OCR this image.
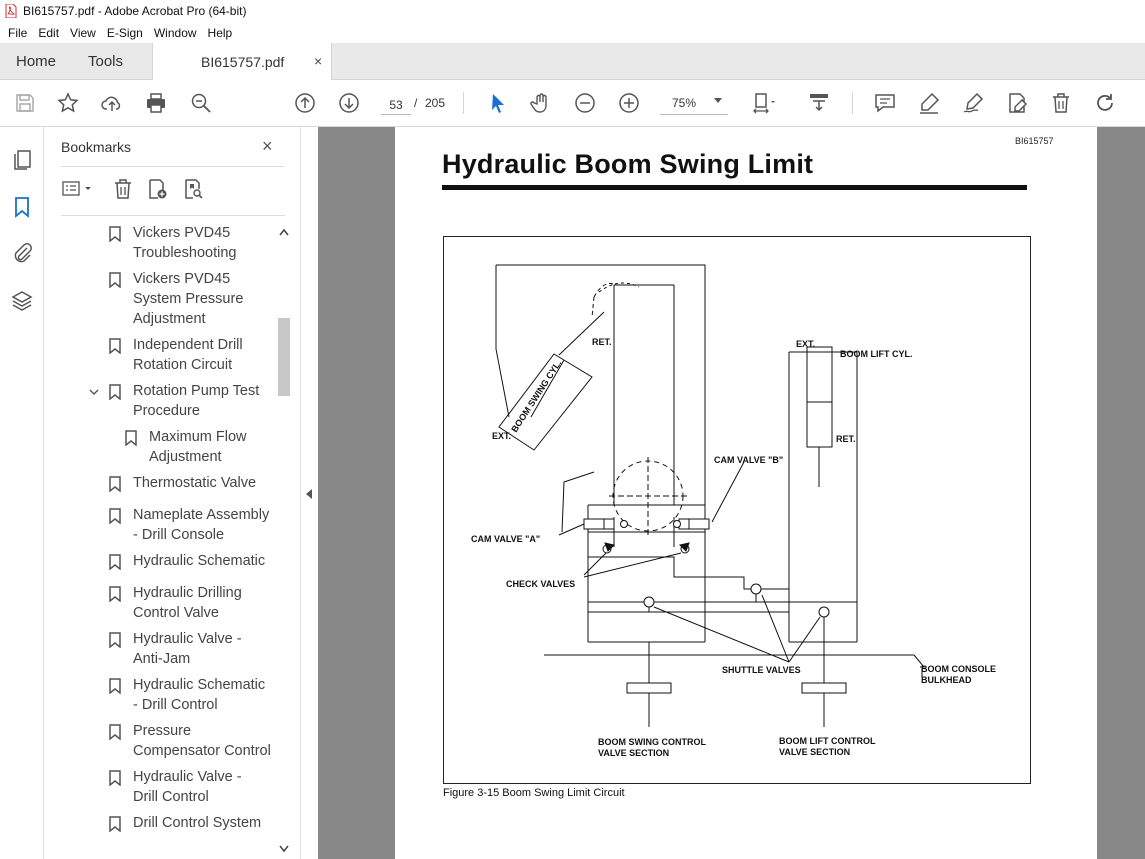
BI615757.pdf - Adobe Acrobat Pro (64-bit)
File Edit View E-Sign Window Help
Home Tools	BI615757.pdf ×
53
/ 205	75%
Bookmarks	×
Vickers PVD45
Troubleshooting
Vickers PVD45
System Pressure
Adjustment
Independent Drill
Rotation Circuit
Rotation Pump Test
Procedure
Maximum Flow
Adjustment
Thermostatic Valve
Nameplate Assembly
- Drill Console
Hydraulic Schematic
Hydraulic Drilling
Control Valve
Hydraulic Valve -
Anti-Jam
Hydraulic Schematic
- Drill Control
Pressure
Compensator Control
Hydraulic Valve -
Drill Control
Drill Control System
BI615757
Hydraulic Boom Swing Limit
RET.
EXT.
BOOM SWING CYL.
EXT.
BOOM LIFT CYL.
RET.
CAM VALVE "B"
CAM VALVE "A"
CHECK VALVES
SHUTTLE VALVES	BOOM CONSOLE
BULKHEAD
BOOM SWING CONTROL
VALVE SECTION
BOOM LIFT CONTROL
VALVE SECTION
Figure 3-15 Boom Swing Limit Circuit
